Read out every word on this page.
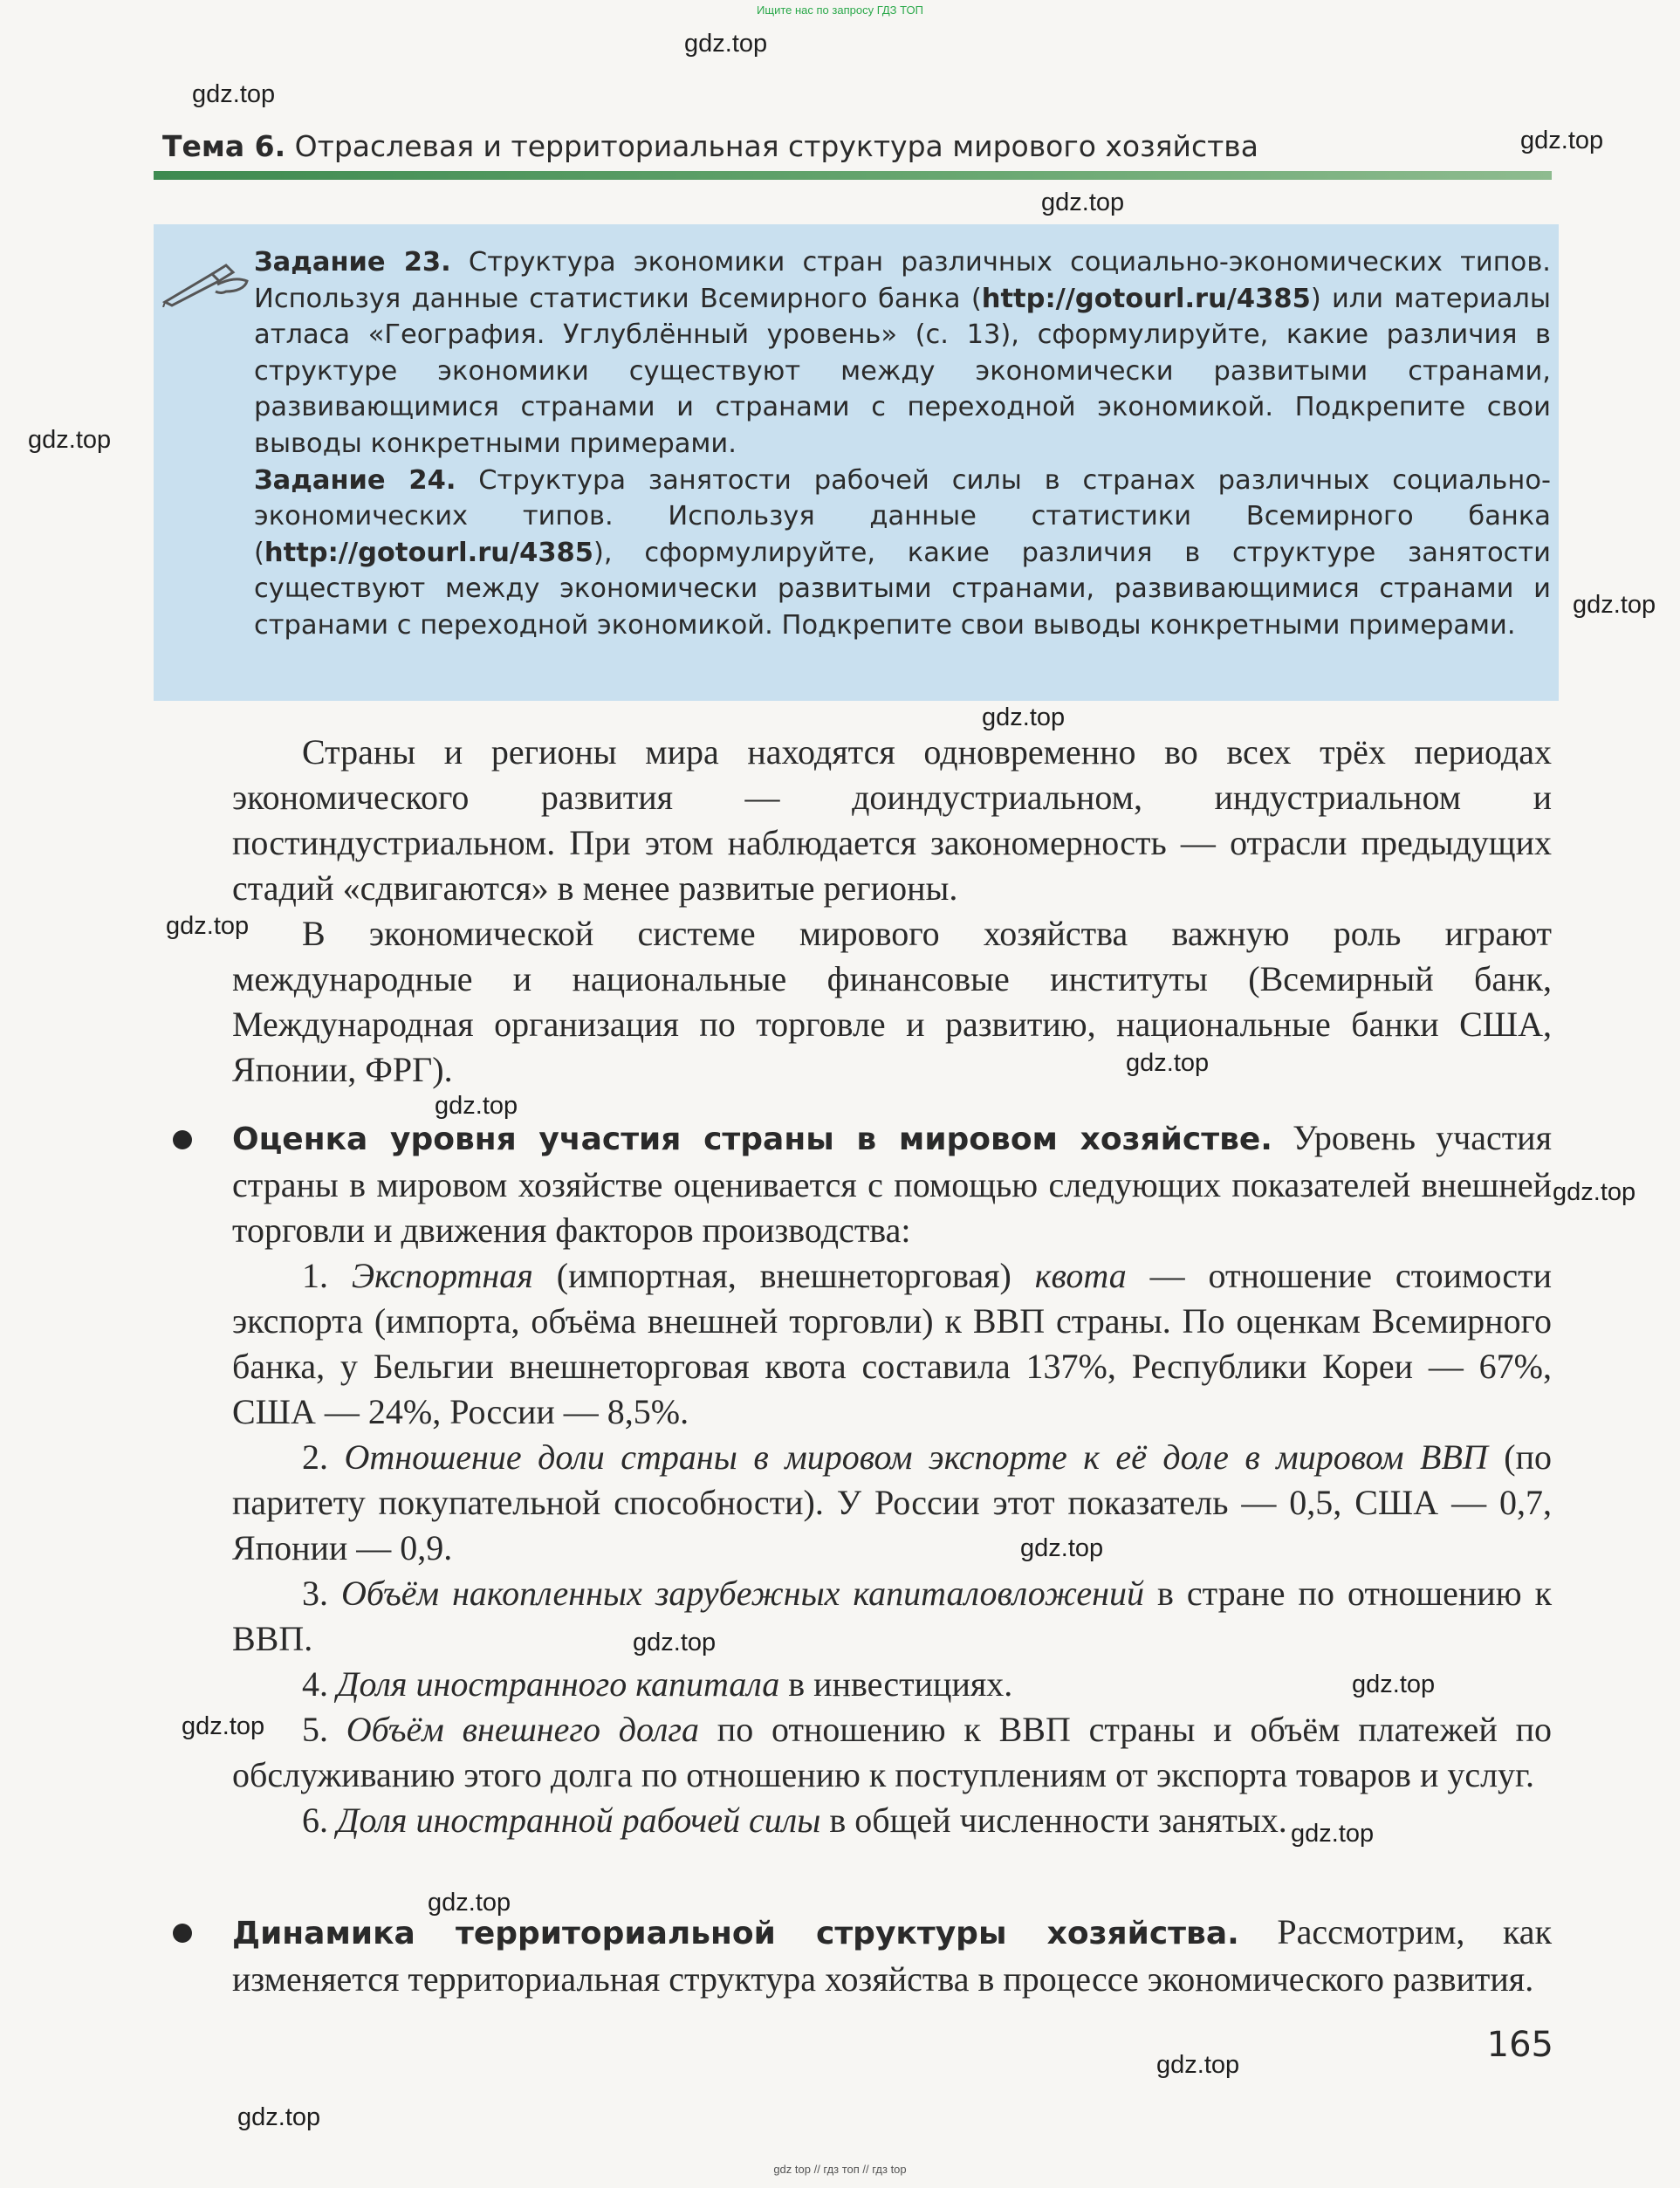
Ищите нас по запросу ГДЗ ТОП
gdz.top
gdz.top
gdz.top
gdz.top
gdz.top
gdz.top
gdz.top
gdz.top
gdz.top
gdz.top
gdz.top
gdz.top
gdz.top
gdz.top
gdz.top
gdz.top
gdz.top
gdz.top
gdz.top
Тема 6. Отраслевая и территориальная структура мирового хозяйства

Задание 23. Структура экономики стран различных социально-экономических типов. Используя данные статистики Всемирного банка (http://gotourl.ru/4385) или материалы атласа «География. Углублённый уровень» (с. 13), сформулируйте, какие различия в структуре экономики существуют между экономически развитыми странами, развивающимися странами и странами с переходной экономикой. Подкрепите свои выводы конкретными примерами.

Задание 24. Структура занятости рабочей силы в странах различных социально-экономических типов. Используя данные статистики Всемирного банка (http://gotourl.ru/4385), сформулируйте, какие различия в структуре занятости существуют между экономически развитыми странами, развивающимися странами и странами с переходной экономикой. Подкрепите свои выводы конкретными примерами.

Страны и регионы мира находятся одновременно во всех трёх периодах экономического развития — доиндустриальном, индустриальном и постиндустриальном. При этом наблюдается закономерность — отрасли предыдущих стадий «сдвигаются» в менее развитые регионы.

В экономической системе мирового хозяйства важную роль играют международные и национальные финансовые институты (Всемирный банк, Международная организация по торговле и развитию, национальные банки США, Японии, ФРГ).

Оценка уровня участия страны в мировом хозяйстве. Уровень участия страны в мировом хозяйстве оценивается с помощью следующих показателей внешней торговли и движения факторов производства:

1. Экспортная (импортная, внешнеторговая) квота — отношение стоимости экспорта (импорта, объёма внешней торговли) к ВВП страны. По оценкам Всемирного банка, у Бельгии внешнеторговая квота составила 137%, Республики Кореи — 67%, США — 24%, России — 8,5%.

2. Отношение доли страны в мировом экспорте к её доле в мировом ВВП (по паритету покупательной способности). У России этот показатель — 0,5, США — 0,7, Японии — 0,9.

3. Объём накопленных зарубежных капиталовложений в стране по отношению к ВВП.

4. Доля иностранного капитала в инвестициях.

5. Объём внешнего долга по отношению к ВВП страны и объём платежей по обслуживанию этого долга по отношению к поступлениям от экспорта товаров и услуг.

6. Доля иностранной рабочей силы в общей численности занятых.

Динамика территориальной структуры хозяйства. Рассмотрим, как изменяется территориальная структура хозяйства в процессе экономического развития.

165
gdz top // гдз топ // гдз top
